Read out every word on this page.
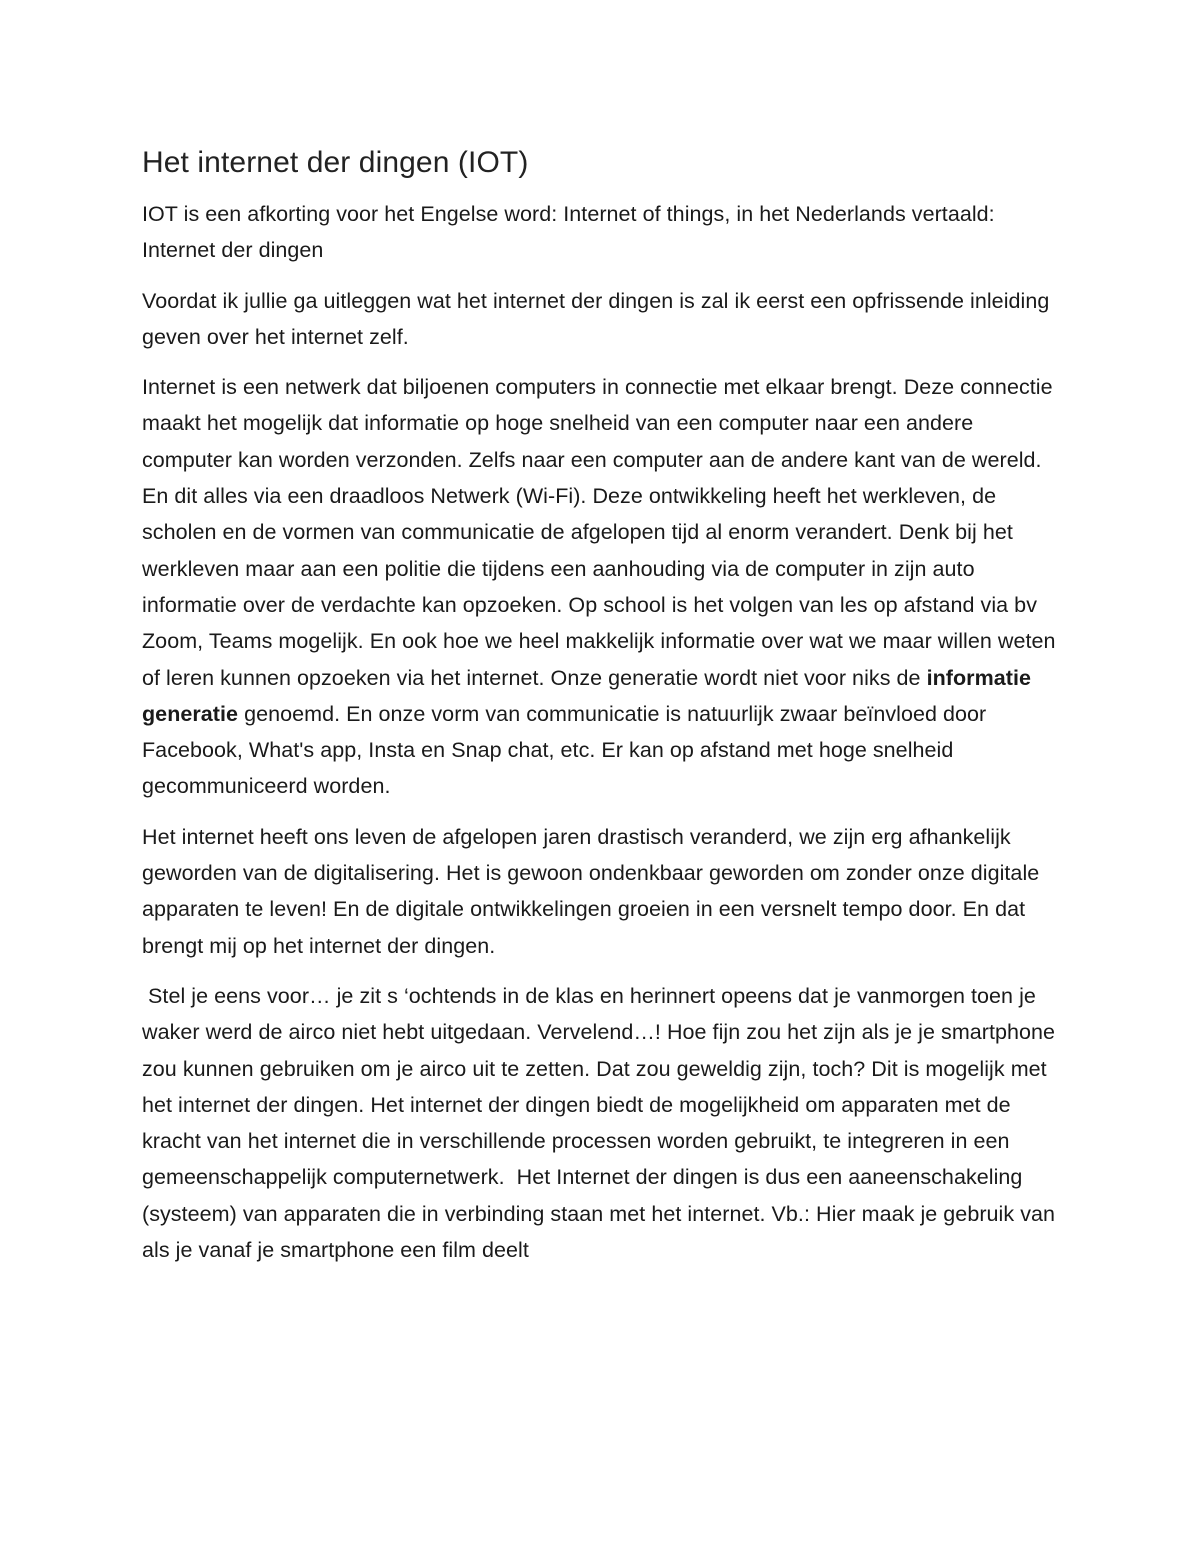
Het internet der dingen (IOT)

IOT is een afkorting voor het Engelse word: Internet of things, in het Nederlands vertaald: Internet der dingen

Voordat ik jullie ga uitleggen wat het internet der dingen is zal ik eerst een opfrissende inleiding geven over het internet zelf.

Internet is een netwerk dat biljoenen computers in connectie met elkaar brengt. Deze connectie maakt het mogelijk dat informatie op hoge snelheid van een computer naar een andere computer kan worden verzonden. Zelfs naar een computer aan de andere kant van de wereld. En dit alles via een draadloos Netwerk (Wi-Fi). Deze ontwikkeling heeft het werkleven, de scholen en de vormen van communicatie de afgelopen tijd al enorm verandert. Denk bij het werkleven maar aan een politie die tijdens een aanhouding via de computer in zijn auto informatie over de verdachte kan opzoeken. Op school is het volgen van les op afstand via bv Zoom, Teams mogelijk. En ook hoe we heel makkelijk informatie over wat we maar willen weten of leren kunnen opzoeken via het internet. Onze generatie wordt niet voor niks de informatie generatie genoemd. En onze vorm van communicatie is natuurlijk zwaar beïnvloed door Facebook, What's app, Insta en Snap chat, etc. Er kan op afstand met hoge snelheid gecommuniceerd worden.

Het internet heeft ons leven de afgelopen jaren drastisch veranderd, we zijn erg afhankelijk geworden van de digitalisering. Het is gewoon ondenkbaar geworden om zonder onze digitale apparaten te leven! En de digitale ontwikkelingen groeien in een versnelt tempo door. En dat brengt mij op het internet der dingen.

Stel je eens voor… je zit s ‘ochtends in de klas en herinnert opeens dat je vanmorgen toen je waker werd de airco niet hebt uitgedaan. Vervelend…! Hoe fijn zou het zijn als je je smartphone zou kunnen gebruiken om je airco uit te zetten. Dat zou geweldig zijn, toch? Dit is mogelijk met het internet der dingen. Het internet der dingen biedt de mogelijkheid om apparaten met de kracht van het internet die in verschillende processen worden gebruikt, te integreren in een gemeenschappelijk computernetwerk.  Het Internet der dingen is dus een aaneenschakeling (systeem) van apparaten die in verbinding staan met het internet. Vb.: Hier maak je gebruik van als je vanaf je smartphone een film deelt
